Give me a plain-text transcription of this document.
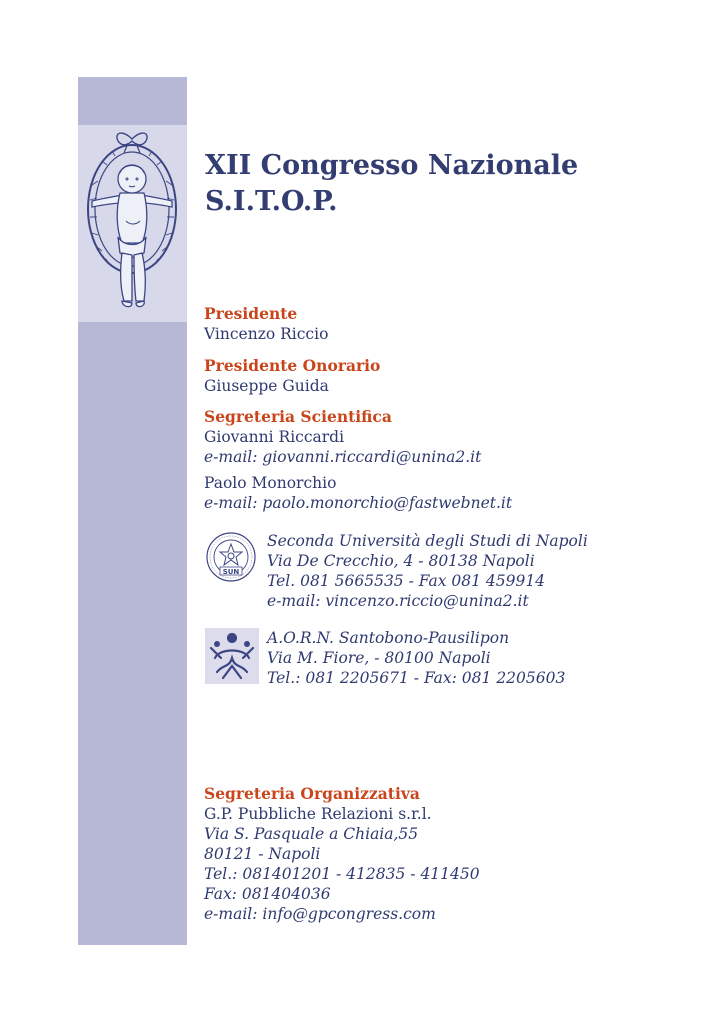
XII Congresso Nazionale
S.I.T.O.P.
Presidente
Vincenzo Riccio
Presidente Onorario
Giuseppe Guida
Segreteria Scientifica
Giovanni Riccardi
e-mail: giovanni.riccardi@unina2.it
Paolo Monorchio
e-mail: paolo.monorchio@fastwebnet.it
SUN
Seconda Università degli Studi di Napoli
Via De Crecchio, 4 - 80138 Napoli
Tel. 081 5665535 - Fax 081 459914
e-mail: vincenzo.riccio@unina2.it
A.O.R.N. Santobono-Pausilipon
Via M. Fiore, - 80100 Napoli
Tel.: 081 2205671 - Fax: 081 2205603
Segreteria Organizzativa
G.P. Pubbliche Relazioni s.r.l.
Via S. Pasquale a Chiaia,55
80121 - Napoli
Tel.: 081401201 - 412835 - 411450
Fax: 081404036
e-mail: info@gpcongress.com
